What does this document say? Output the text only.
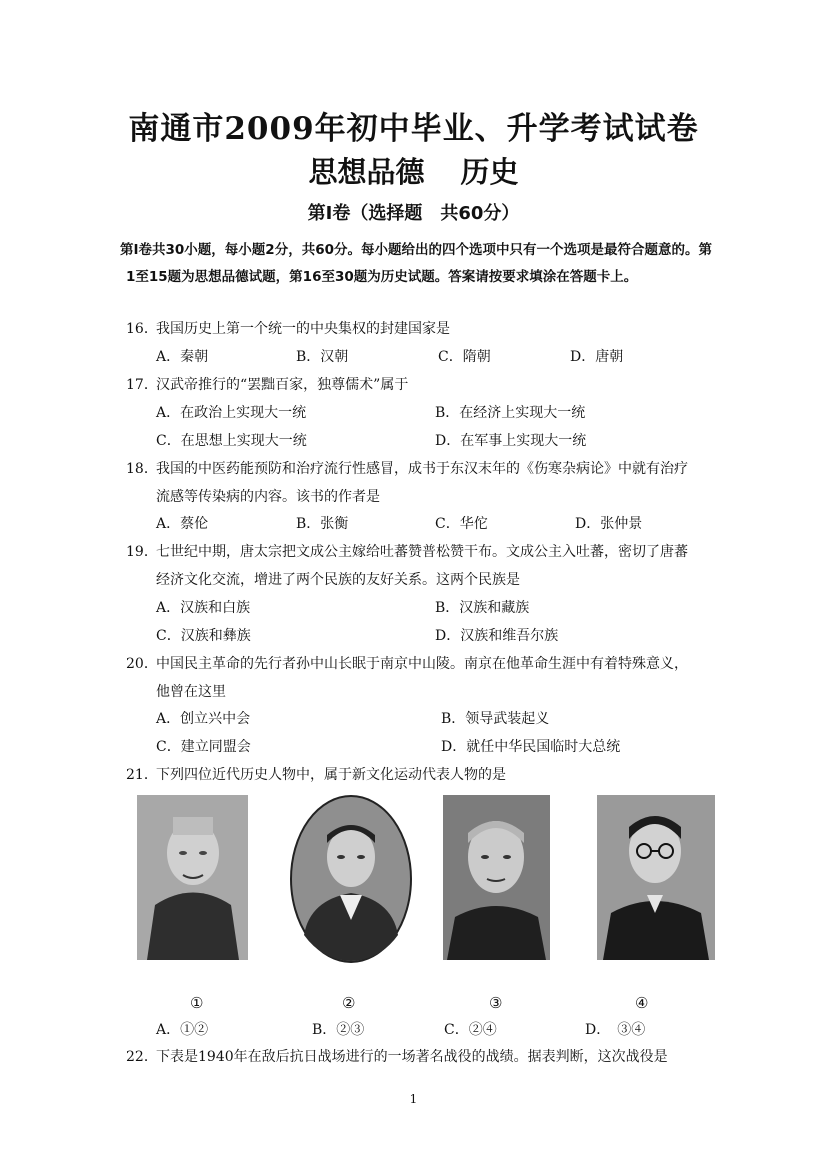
南通市2009年初中毕业、升学考试试卷
思想品德 历史
第Ⅰ卷（选择题　共60分）
第Ⅰ卷共30小题，每小题2分，共60分。每小题给出的四个选项中只有一个选项是最符合题意的。第1至15题为思想品德试题，第16至30题为历史试题。答案请按要求填涂在答题卡上。
16．我国历史上第一个统一的中央集权的封建国家是
A．秦朝	B．汉朝	C．隋朝	D．唐朝
17．汉武帝推行的“罢黜百家，独尊儒术”属于
A．在政治上实现大一统	B．在经济上实现大一统
C．在思想上实现大一统	D．在军事上实现大一统
18．我国的中医药能预防和治疗流行性感冒，成书于东汉末年的《伤寒杂病论》中就有治疗
流感等传染病的内容。该书的作者是
A．蔡伦	B．张衡	C．华佗	D．张仲景
19．七世纪中期，唐太宗把文成公主嫁给吐蕃赞普松赞干布。文成公主入吐蕃，密切了唐蕃
经济文化交流，增进了两个民族的友好关系。这两个民族是
A．汉族和白族	B．汉族和藏族
C．汉族和彝族	D．汉族和维吾尔族
20．中国民主革命的先行者孙中山长眠于南京中山陵。南京在他革命生涯中有着特殊意义，
他曾在这里
A．创立兴中会	B．领导武装起义
C．建立同盟会	D．就任中华民国临时大总统
21．下列四位近代历史人物中，属于新文化运动代表人物的是
①	②	③	④
A．①②	B．②③	C．②④	D．　③④
22．下表是1940年在敌后抗日战场进行的一场著名战役的战绩。据表判断，这次战役是
1
